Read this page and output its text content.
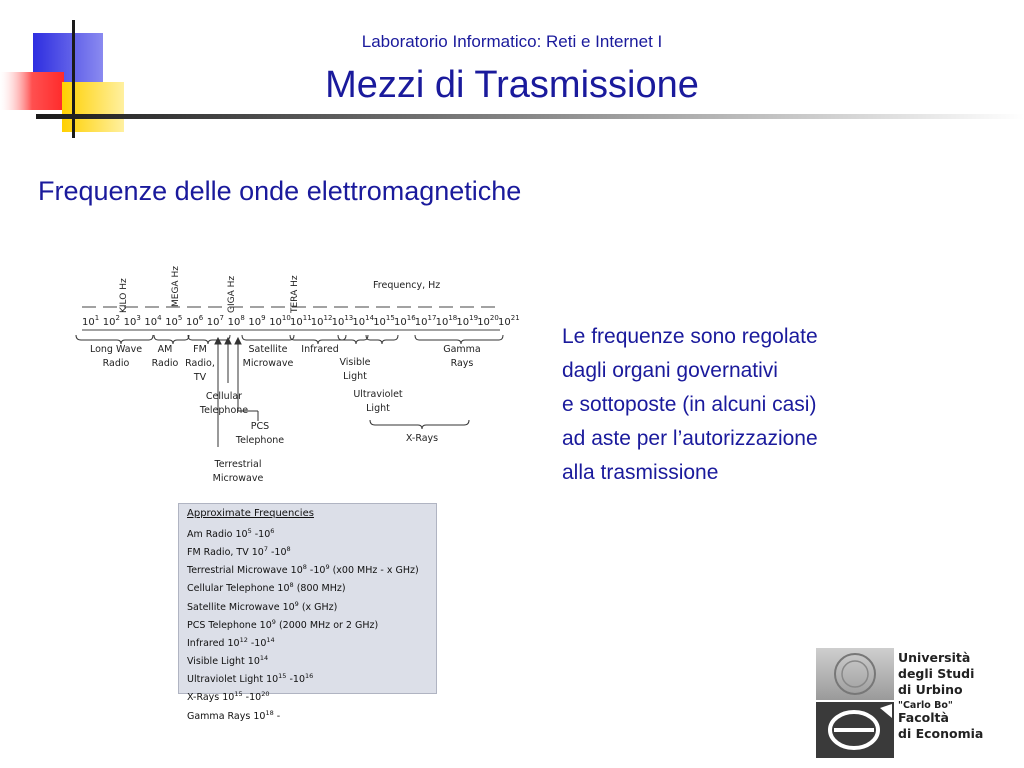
Laboratorio Informatico: Reti e Internet I
Mezzi di Trasmissione
Frequenze delle onde elettromagnetiche
Le frequenze sono regolate
dagli organi governativi
e sottoposte (in alcuni casi)
ad aste per l’autorizzazione
alla trasmissione
KILO Hz	MEGA Hz	GIGA Hz	TERA Hz	Frequency, Hz
$10^1$ $10^2$ $10^3$ $10^4$ $10^5$ $10^6$ $10^7$ $10^8$ $10^9$ $10^{10}$ $10^{11}$ $10^{12}$ $10^{13}$ $10^{14}$ $10^{15}$ $10^{16}$ $10^{17}$ $10^{18}$ $10^{19}$ $10^{20}$ $10^{21}$
Long Wave
Radio
AM
Radio
FM
Radio,
TV
Satellite
Microwave
Infrared
Visible
Light
Ultraviolet
Light
Gamma
Rays
Cellular
Telephone
PCS
Telephone
Terrestrial
Microwave
X-Rays
Approximate Frequencies
Am Radio $10^5$ $-10^6$
FM Radio, TV $10^7$ $-10^8$
Terrestrial Microwave $10^8$ $-10^9$ (x00 MHz - x GHz)
Cellular Telephone $10^8$ (800 MHz)
Satellite Microwave $10^9$ (x GHz)
PCS Telephone $10^9$ (2000 MHz or 2 GHz)
Infrared $10^{12}$ $-10^{14}$
Visible Light $10^{14}$
Ultraviolet Light $10^{15}$ $-10^{16}$
X-Rays $10^{15}$ $-10^{20}$
Gamma Rays $10^{18}$ -
Università
degli Studi
di Urbino
"Carlo Bo"
Facoltà
di Economia
